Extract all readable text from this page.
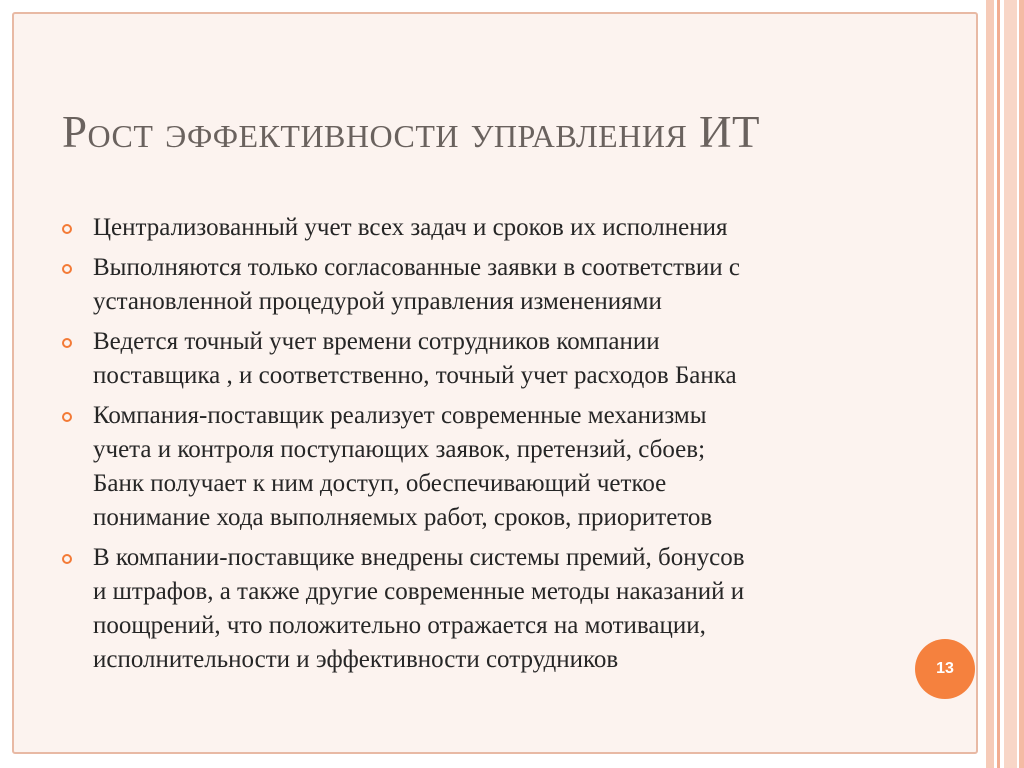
Рост эффективности управления ИТ
Централизованный учет всех задач и сроков их исполнения
Выполняются только согласованные заявки в соответствии с
установленной процедурой управления изменениями
Ведется точный учет времени сотрудников компании
поставщика , и соответственно, точный учет расходов Банка
Компания-поставщик реализует современные механизмы
учета и контроля поступающих заявок, претензий, сбоев;
Банк получает к ним доступ, обеспечивающий четкое
понимание хода выполняемых работ, сроков, приоритетов
В компании-поставщике внедрены системы премий, бонусов
и штрафов, а также другие современные методы наказаний и
поощрений, что положительно отражается на мотивации,
исполнительности и эффективности сотрудников	13
